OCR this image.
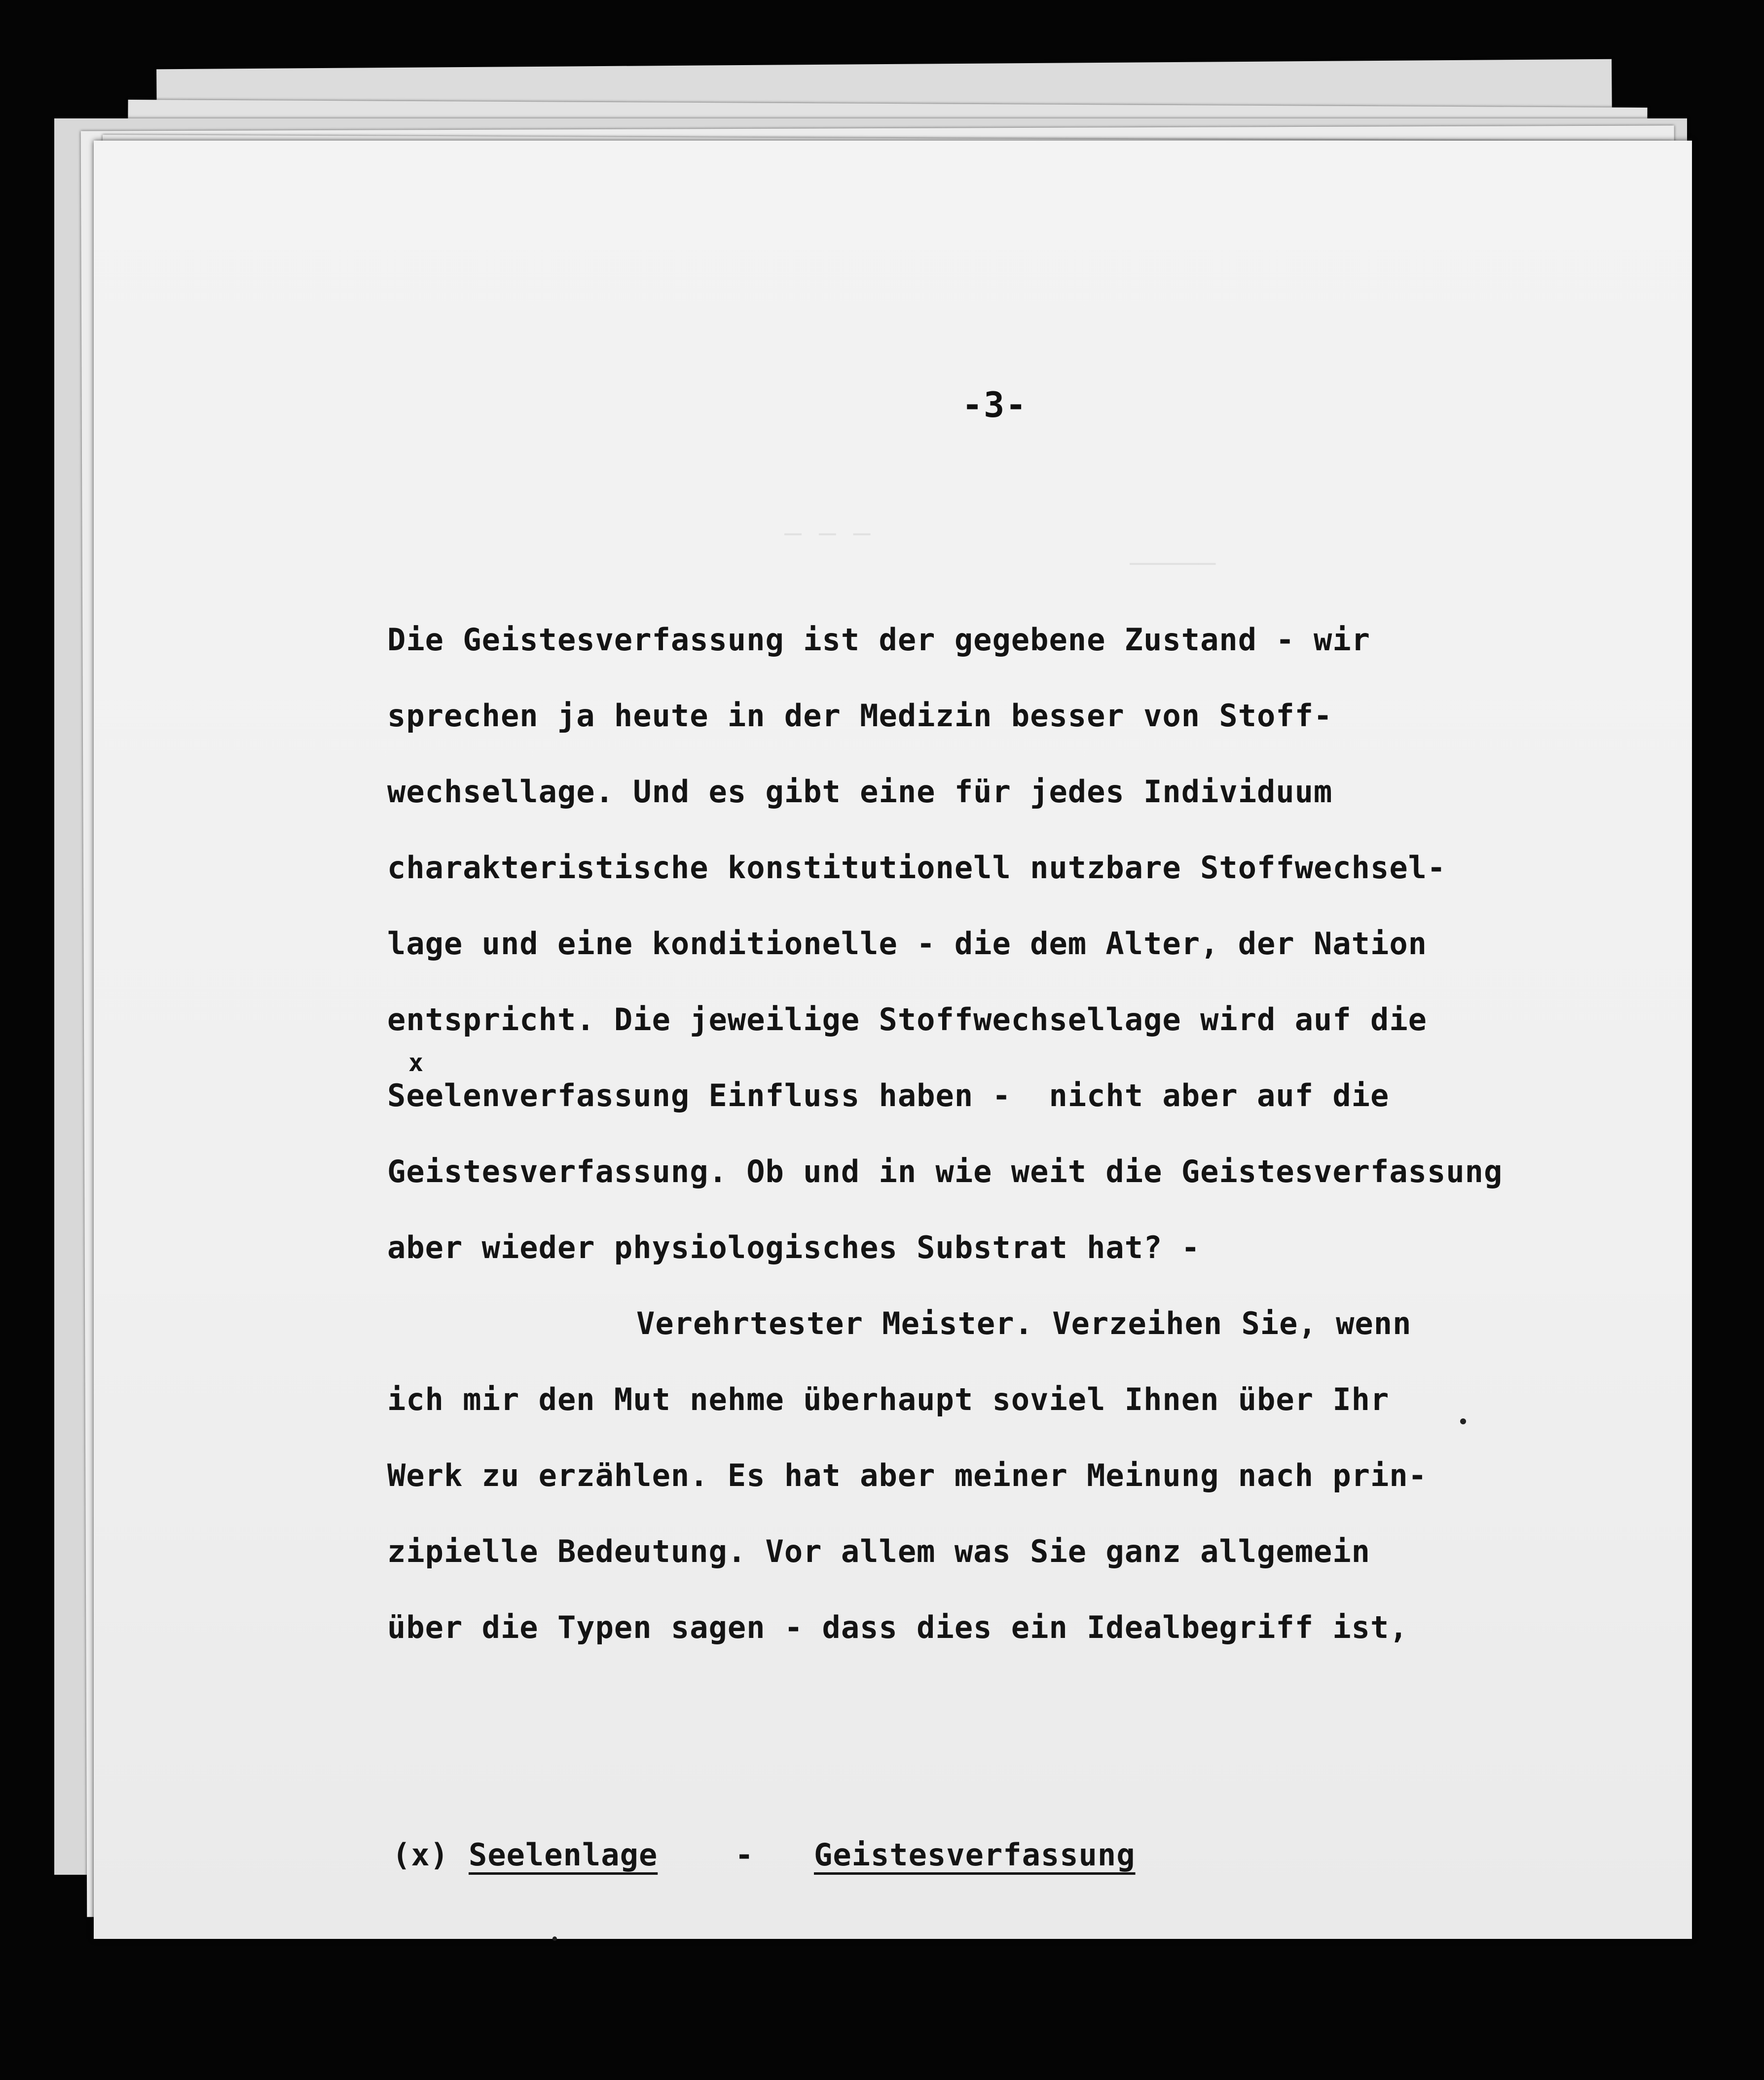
― ― ―
―――――
-3-
x
Die Geistesverfassung ist der gegebene Zustand - wir
sprechen ja heute in der Medizin besser von Stoff-
wechsellage. Und es gibt eine für jedes Individuum
charakteristische konstitutionell nutzbare Stoffwechsel-
lage und eine konditionelle - die dem Alter, der Nation
entspricht. Die jeweilige Stoffwechsellage wird auf die
Seelenverfassung Einfluss haben -  nicht aber auf die
Geistesverfassung. Ob und in wie weit die Geistesverfassung
aber wieder physiologisches Substrat hat? -
Verehrtester Meister. Verzeihen Sie, wenn
ich mir den Mut nehme überhaupt soviel Ihnen über Ihr
Werk zu erzählen. Es hat aber meiner Meinung nach prin-
zipielle Bedeutung. Vor allem was Sie ganz allgemein
über die Typen sagen - dass dies ein Idealbegriff ist,

(x)

Seelenlage

	-

Geistesverfassung
